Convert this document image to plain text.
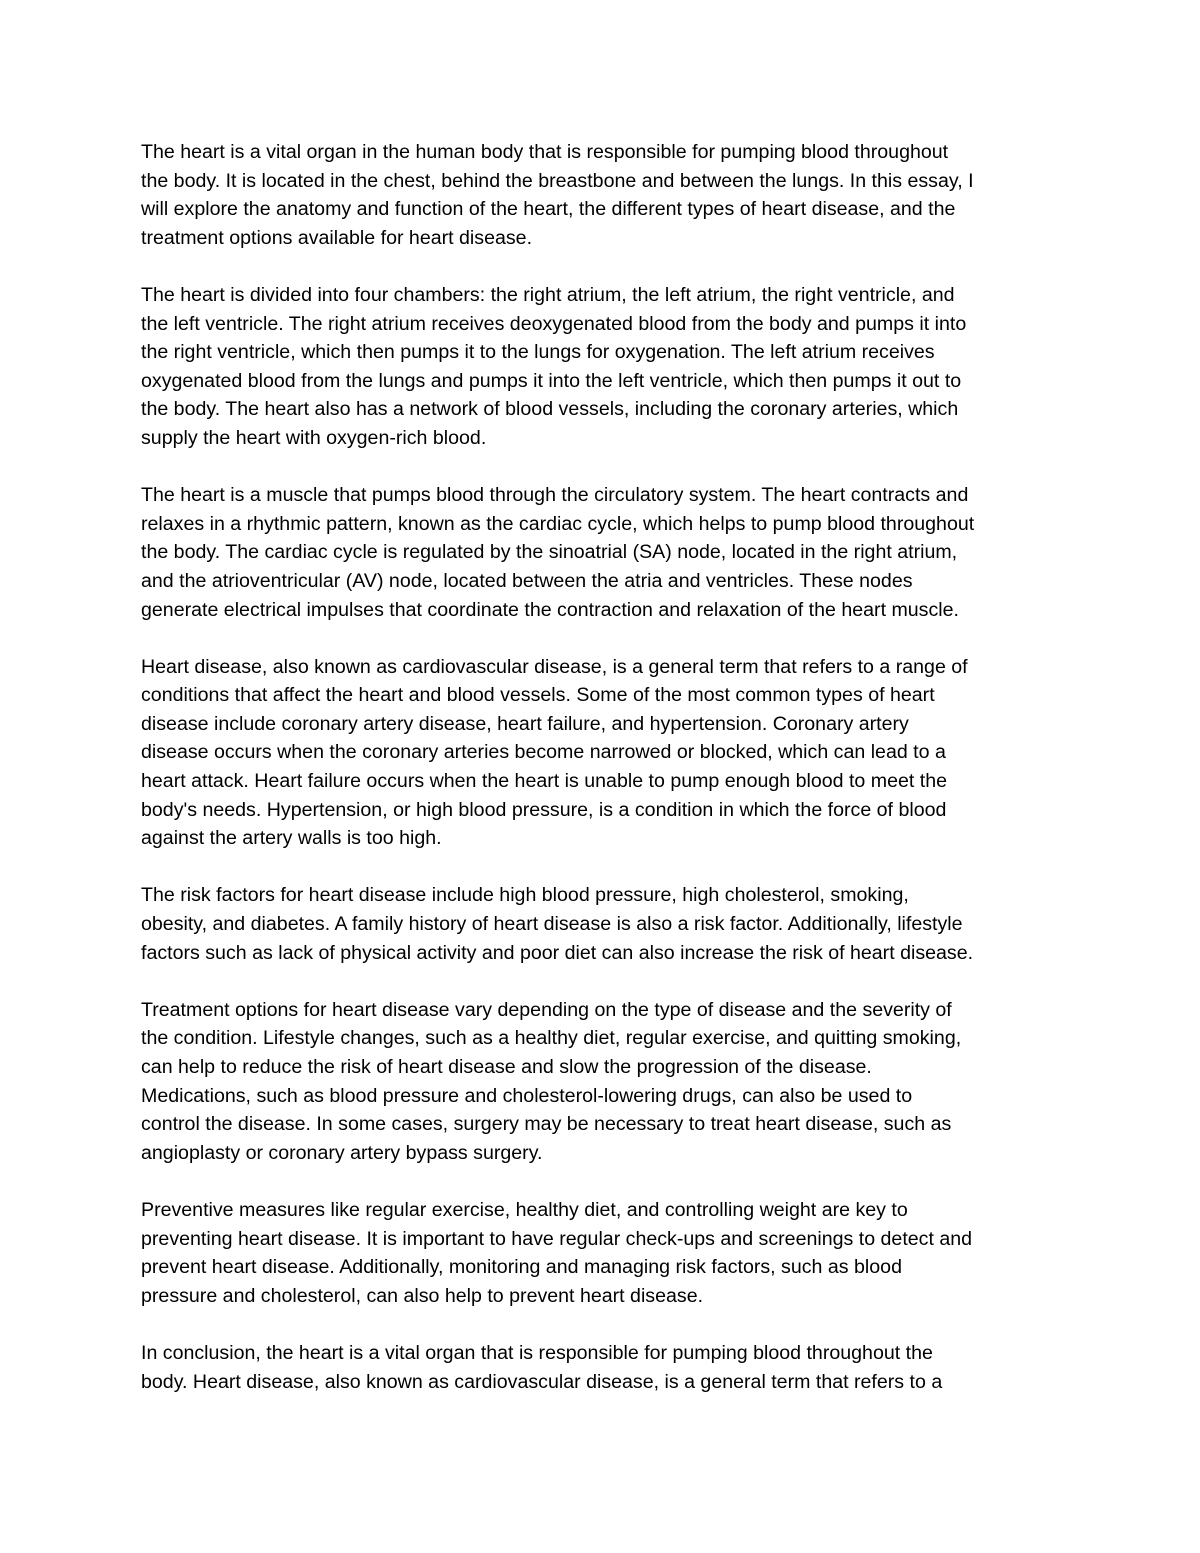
The heart is a vital organ in the human body that is responsible for pumping blood throughout
the body. It is located in the chest, behind the breastbone and between the lungs. In this essay, I
will explore the anatomy and function of the heart, the different types of heart disease, and the
treatment options available for heart disease.
The heart is divided into four chambers: the right atrium, the left atrium, the right ventricle, and
the left ventricle. The right atrium receives deoxygenated blood from the body and pumps it into
the right ventricle, which then pumps it to the lungs for oxygenation. The left atrium receives
oxygenated blood from the lungs and pumps it into the left ventricle, which then pumps it out to
the body. The heart also has a network of blood vessels, including the coronary arteries, which
supply the heart with oxygen-rich blood.
The heart is a muscle that pumps blood through the circulatory system. The heart contracts and
relaxes in a rhythmic pattern, known as the cardiac cycle, which helps to pump blood throughout
the body. The cardiac cycle is regulated by the sinoatrial (SA) node, located in the right atrium,
and the atrioventricular (AV) node, located between the atria and ventricles. These nodes
generate electrical impulses that coordinate the contraction and relaxation of the heart muscle.
Heart disease, also known as cardiovascular disease, is a general term that refers to a range of
conditions that affect the heart and blood vessels. Some of the most common types of heart
disease include coronary artery disease, heart failure, and hypertension. Coronary artery
disease occurs when the coronary arteries become narrowed or blocked, which can lead to a
heart attack. Heart failure occurs when the heart is unable to pump enough blood to meet the
body's needs. Hypertension, or high blood pressure, is a condition in which the force of blood
against the artery walls is too high.
The risk factors for heart disease include high blood pressure, high cholesterol, smoking,
obesity, and diabetes. A family history of heart disease is also a risk factor. Additionally, lifestyle
factors such as lack of physical activity and poor diet can also increase the risk of heart disease.
Treatment options for heart disease vary depending on the type of disease and the severity of
the condition. Lifestyle changes, such as a healthy diet, regular exercise, and quitting smoking,
can help to reduce the risk of heart disease and slow the progression of the disease.
Medications, such as blood pressure and cholesterol-lowering drugs, can also be used to
control the disease. In some cases, surgery may be necessary to treat heart disease, such as
angioplasty or coronary artery bypass surgery.
Preventive measures like regular exercise, healthy diet, and controlling weight are key to
preventing heart disease. It is important to have regular check-ups and screenings to detect and
prevent heart disease. Additionally, monitoring and managing risk factors, such as blood
pressure and cholesterol, can also help to prevent heart disease.
In conclusion, the heart is a vital organ that is responsible for pumping blood throughout the
body. Heart disease, also known as cardiovascular disease, is a general term that refers to a
